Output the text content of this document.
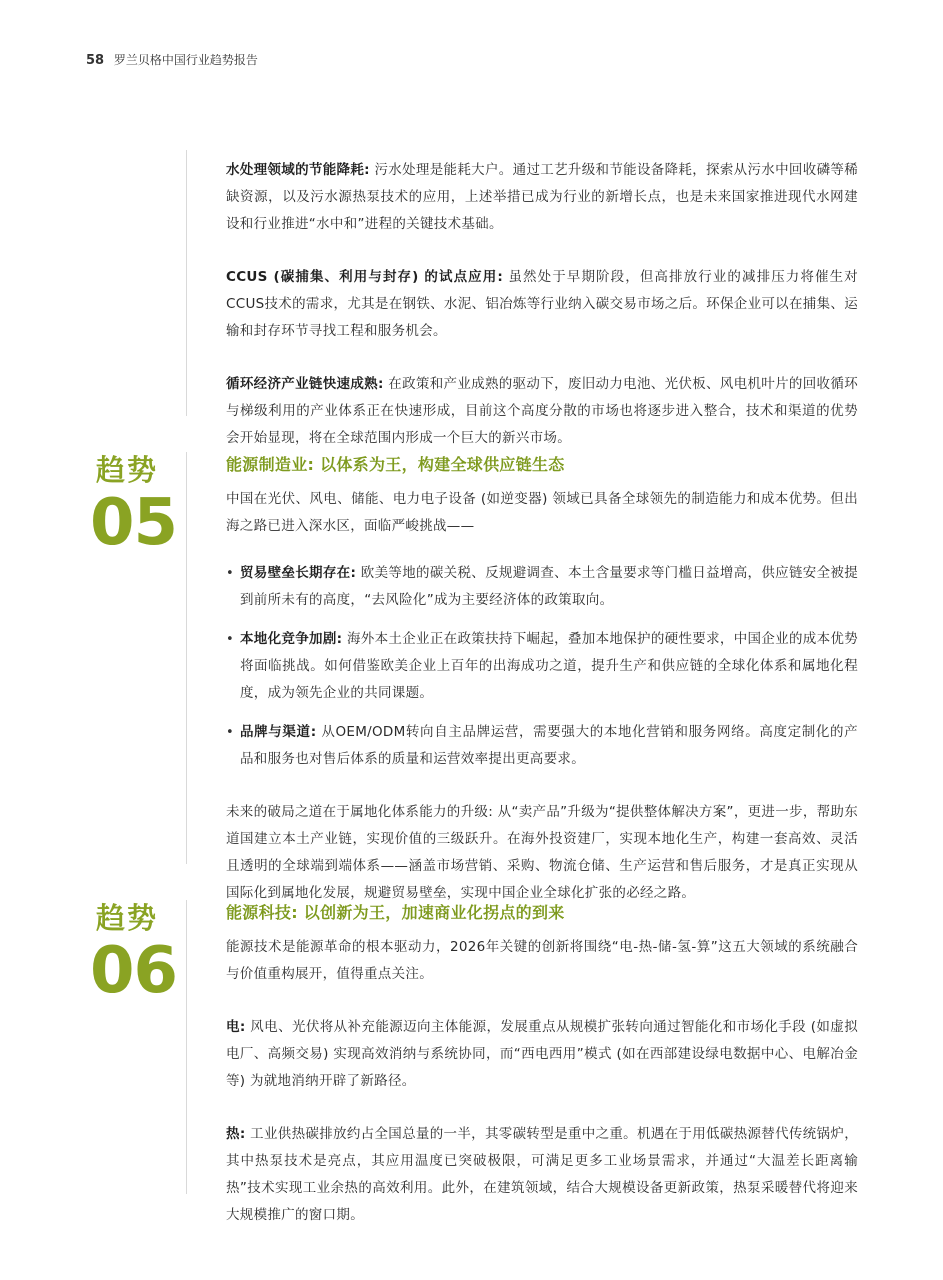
58 罗兰贝格中国行业趋势报告

水处理领域的节能降耗: 污水处理是能耗大户。通过工艺升级和节能设备降耗，探索从污水中回收磷等稀缺资源，以及污水源热泵技术的应用，上述举措已成为行业的新增长点，也是未来国家推进现代水网建设和行业推进“水中和”进程的关键技术基础。

CCUS (碳捕集、利用与封存) 的试点应用: 虽然处于早期阶段，但高排放行业的减排压力将催生对CCUS技术的需求，尤其是在钢铁、水泥、铝冶炼等行业纳入碳交易市场之后。环保企业可以在捕集、运输和封存环节寻找工程和服务机会。

循环经济产业链快速成熟: 在政策和产业成熟的驱动下，废旧动力电池、光伏板、风电机叶片的回收循环与梯级利用的产业体系正在快速形成，目前这个高度分散的市场也将逐步进入整合，技术和渠道的优势会开始显现，将在全球范围内形成一个巨大的新兴市场。

趋势
05
能源制造业: 以体系为王，构建全球供应链生态

中国在光伏、风电、储能、电力电子设备 (如逆变器) 领域已具备全球领先的制造能力和成本优势。但出海之路已进入深水区，面临严峻挑战——

• 贸易壁垒长期存在: 欧美等地的碳关税、反规避调查、本土含量要求等门槛日益增高，供应链安全被提到前所未有的高度，“去风险化”成为主要经济体的政策取向。

• 本地化竞争加剧: 海外本土企业正在政策扶持下崛起，叠加本地保护的硬性要求，中国企业的成本优势将面临挑战。如何借鉴欧美企业上百年的出海成功之道，提升生产和供应链的全球化体系和属地化程度，成为领先企业的共同课题。

• 品牌与渠道: 从OEM/ODM转向自主品牌运营，需要强大的本地化营销和服务网络。高度定制化的产品和服务也对售后体系的质量和运营效率提出更高要求。

未来的破局之道在于属地化体系能力的升级: 从“卖产品”升级为“提供整体解决方案”，更进一步，帮助东道国建立本土产业链，实现价值的三级跃升。在海外投资建厂，实现本地化生产，构建一套高效、灵活且透明的全球端到端体系——涵盖市场营销、采购、物流仓储、生产运营和售后服务，才是真正实现从国际化到属地化发展，规避贸易壁垒，实现中国企业全球化扩张的必经之路。

趋势
06
能源科技: 以创新为王，加速商业化拐点的到来

能源技术是能源革命的根本驱动力，2026年关键的创新将围绕“电-热-储-氢-算”这五大领域的系统融合与价值重构展开，值得重点关注。

电: 风电、光伏将从补充能源迈向主体能源，发展重点从规模扩张转向通过智能化和市场化手段 (如虚拟电厂、高频交易) 实现高效消纳与系统协同，而“西电西用”模式 (如在西部建设绿电数据中心、电解冶金等) 为就地消纳开辟了新路径。

热: 工业供热碳排放约占全国总量的一半，其零碳转型是重中之重。机遇在于用低碳热源替代传统锅炉，其中热泵技术是亮点，其应用温度已突破极限，可满足更多工业场景需求，并通过“大温差长距离输热”技术实现工业余热的高效利用。此外，在建筑领域，结合大规模设备更新政策，热泵采暖替代将迎来大规模推广的窗口期。
